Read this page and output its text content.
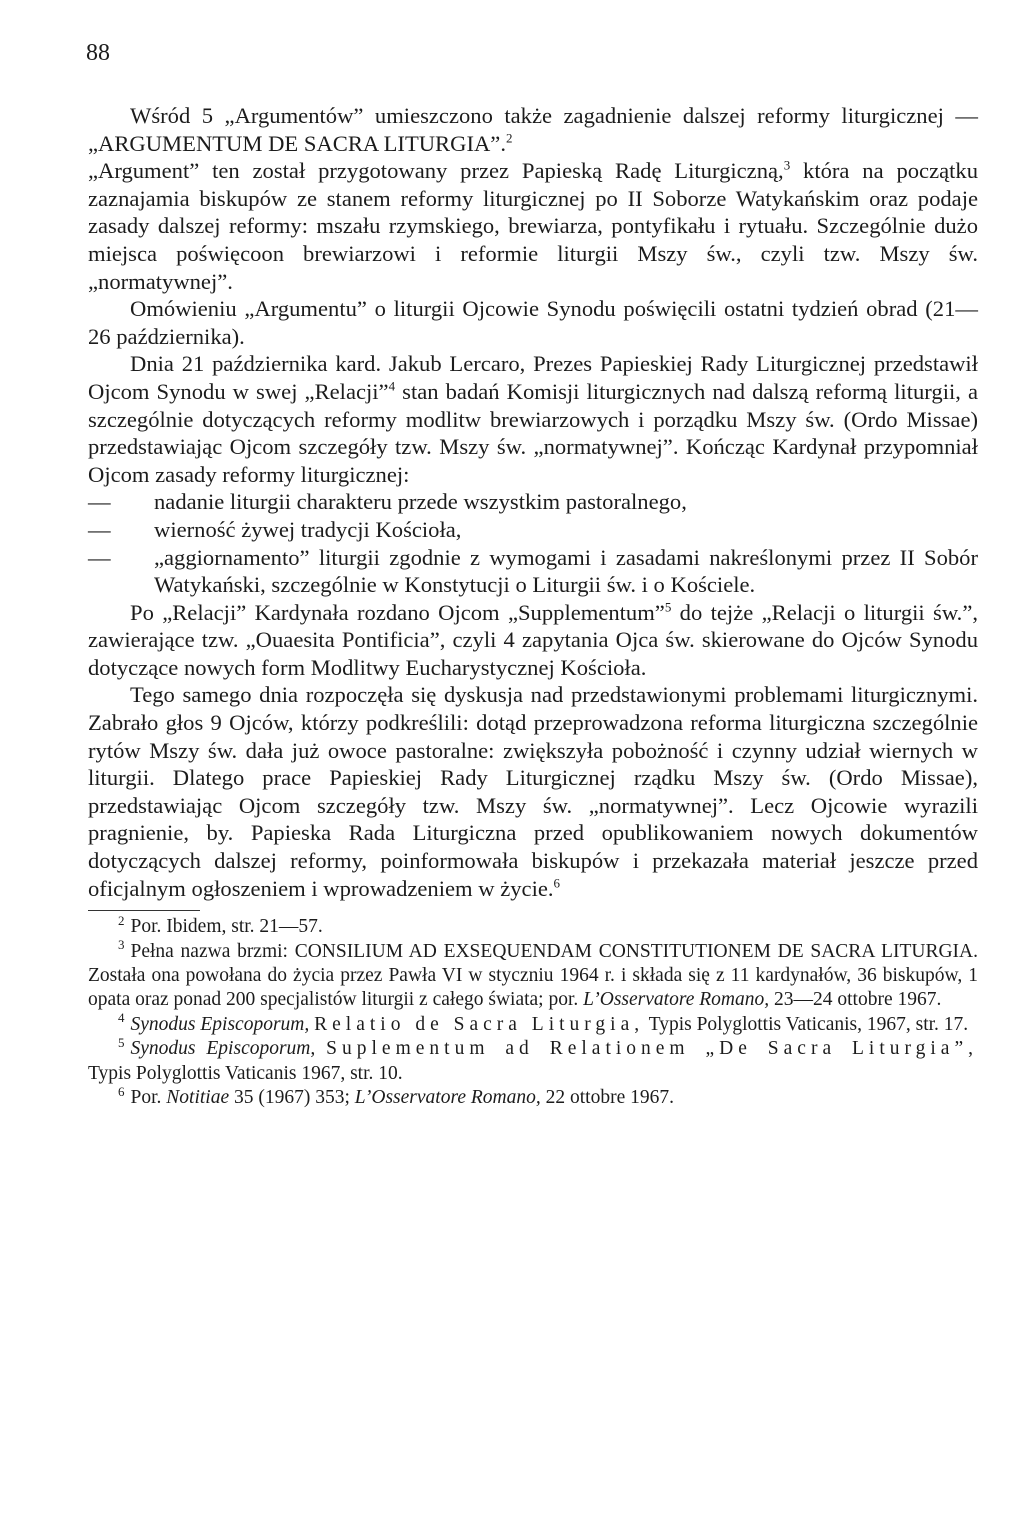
88

Wśród 5 „Argumentów” umieszczono także zagadnienie dalszej reformy liturgicznej — „ARGUMENTUM DE SACRA LITURGIA”.$^2$

„Argument” ten został przygotowany przez Papieską Radę Liturgiczną,$^3$ która na początku zaznajamia biskupów ze stanem reformy liturgicznej po II Soborze Watykańskim oraz podaje zasady dalszej reformy: mszału rzymskiego, brewiarza, pontyfikału i rytuału. Szczególnie dużo miejsca poświęcoon brewiarzowi i reformie liturgii Mszy św., czyli tzw. Mszy św. „normatywnej”.

Omówieniu „Argumentu” o liturgii Ojcowie Synodu poświęcili ostatni tydzień obrad (21—26 października).

Dnia 21 października kard. Jakub Lercaro, Prezes Papieskiej Rady Liturgicznej przedstawił Ojcom Synodu w swej „Relacji”$^4$ stan badań Komisji liturgicznych nad dalszą reformą liturgii, a szczególnie dotyczących reformy modlitw brewiarzowych i porządku Mszy św. (Ordo Missae) przedstawiając Ojcom szczegóły tzw. Mszy św. „normatywnej”. Kończąc Kardynał przypomniał Ojcom zasady reformy liturgicznej:

— nadanie liturgii charakteru przede wszystkim pastoralnego,

— wierność żywej tradycji Kościoła,

— „aggiornamento” liturgii zgodnie z wymogami i zasadami nakreślonymi przez II Sobór Watykański, szczególnie w Konstytucji o Liturgii św. i o Kościele.

Po „Relacji” Kardynała rozdano Ojcom „Supplementum”$^5$ do tejże „Relacji o liturgii św.”, zawierające tzw. „Ouaesita Pontificia”, czyli 4 zapytania Ojca św. skierowane do Ojców Synodu dotyczące nowych form Modlitwy Eucharystycznej Kościoła.

Tego samego dnia rozpoczęła się dyskusja nad przedstawionymi problemami liturgicznymi. Zabrało głos 9 Ojców, którzy podkreślili: dotąd przeprowadzona reforma liturgiczna szczególnie rytów Mszy św. dała już owoce pastoralne: zwiększyła pobożność i czynny udział wiernych w liturgii. Dlatego prace Papieskiej Rady Liturgicznej rządku Mszy św. (Ordo Missae), przedstawiając Ojcom szczegóły tzw. Mszy św. „normatywnej”. Lecz Ojcowie wyrazili pragnienie, by. Papieska Rada Liturgiczna przed opublikowaniem nowych dokumentów dotyczących dalszej reformy, poinformowała biskupów i przekazała materiał jeszcze przed oficjalnym ogłoszeniem i wprowadzeniem w życie.$^6$

$^2$ Por. Ibidem, str. 21—57.

$^3$ Pełna nazwa brzmi: CONSILIUM AD EXSEQUENDAM CONSTITUTIONEM DE SACRA LITURGIA. Została ona powołana do życia przez Pawła VI w styczniu 1964 r. i składa się z 11 kardynałów, 36 biskupów, 1 opata oraz ponad 200 specjalistów liturgii z całego świata; por. L’Osservatore Romano, 23—24 ottobre 1967.

$^4$ Synodus Episcoporum, Relatio de Sacra Liturgia, Typis Polyglottis Vaticanis, 1967, str. 17.

$^5$ Synodus Episcoporum, Suplementum ad Relationem „De Sacra Liturgia”, Typis Polyglottis Vaticanis 1967, str. 10.

$^6$ Por. Notitiae 35 (1967) 353; L’Osservatore Romano, 22 ottobre 1967.
